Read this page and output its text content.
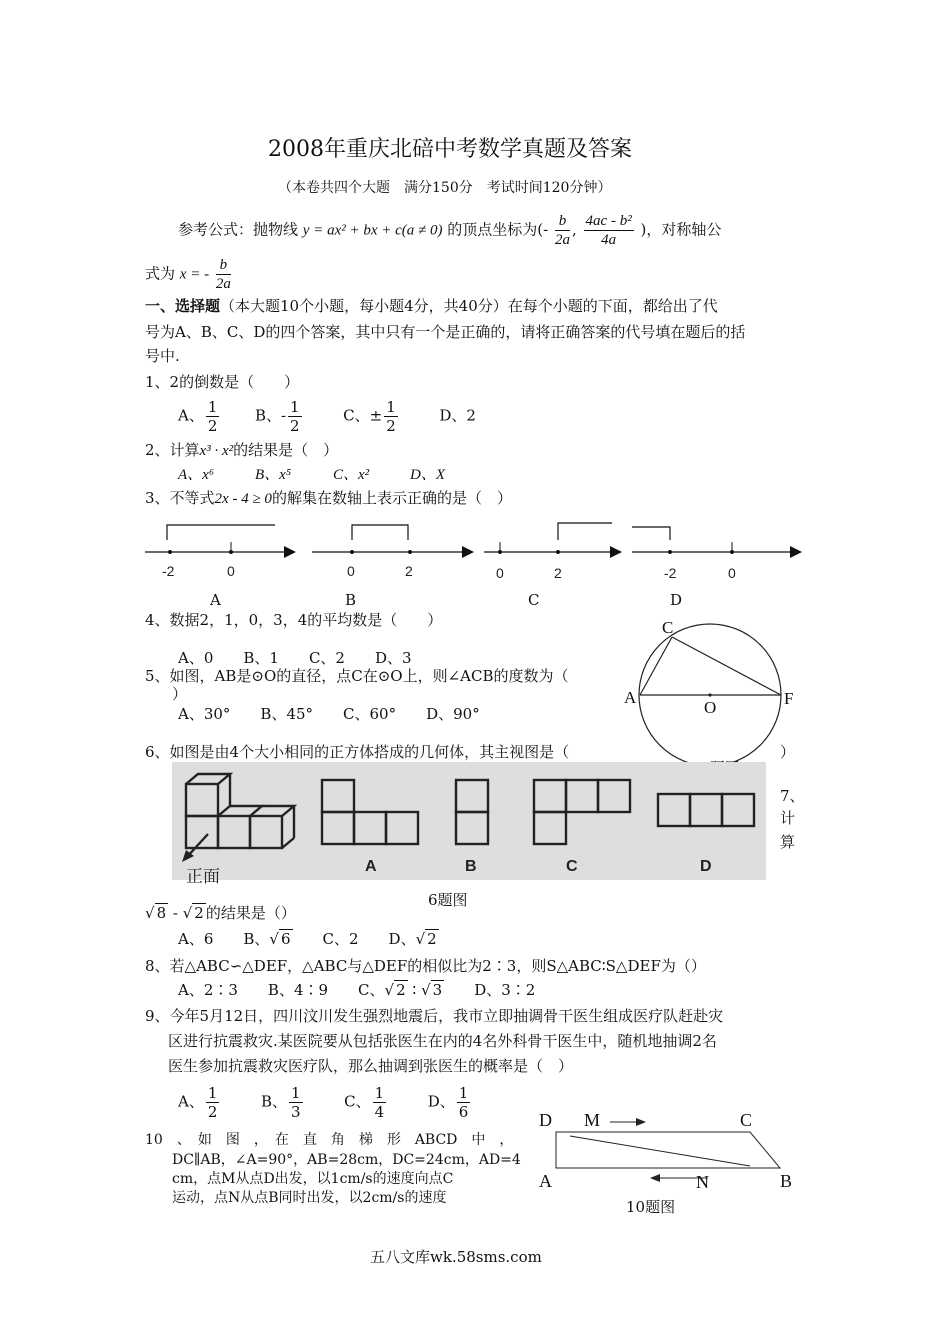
2008年重庆北碚中考数学真题及答案
（本卷共四个大题　满分150分　考试时间120分钟）
参考公式：抛物线 y = ax² + bx + c(a ≠ 0) 的顶点坐标为(- $\frac{b}{2a}$ , $\frac{\text{4ac - b²}}{4a}$ )，对称轴公
式为 x = - $\frac{b}{2a}$
一、选择题（本大题10个小题，每小题4分，共40分）在每个小题的下面，都给出了代
号为A、B、C、D的四个答案，其中只有一个是正确的，请将正确答案的代号填在题后的括
号中.
1、2的倒数是（　　）
A、 $\frac{1}{2}$ B、- $\frac{1}{2}$	C、± $\frac{1}{2}$	D、2
2、计算x³ · x²的结果是（　）
A、x⁶	B、x⁵	C、x²	D、X
3、不等式2x - 4 ≥ 0的解集在数轴上表示正确的是（　）
-2	0	0	2	0	2	-2	0
A	B	C	D
4、数据2，1，0，3，4的平均数是（　　）
A、0　　B、1　　C、2　　D、3
5、如图，AB是⊙O的直径，点C在⊙O上，则∠ACB的度数为（
）
A、30°　　B、45°　　C、60°　　D、90°
C
A
O	F
6、如图是由4个大小相同的正方体搭成的几何体，其主视图是（	）
正面
A	B	C	D
6题图
7、
计
算
√ 8 - √ 2 的结果是（）
A、6　　B、√ 6　　C、2　　D、√ 2
8、若△ABC∽△DEF，△ABC与△DEF的相似比为2∶3，则S△ABC∶S△DEF为（）
A、2∶3　　B、4∶9　　C、√ 2 ∶ √ 3　　 D、3∶2
9、今年5月12日，四川汶川发生强烈地震后，我市立即抽调骨干医生组成医疗队赶赴灾
区进行抗震救灾.某医院要从包括张医生在内的4名外科骨干医生中，随机地抽调2名
医生参加抗震救灾医疗队，那么抽调到张医生的概率是（　）
A、 $\frac{1}{2}$	B、 $\frac{1}{3}$	C、 $\frac{1}{4}$	D、 $\frac{1}{6}$
10　、　如　图　，　在　直　角　梯　形　ABCD　中　，
DC∥AB，∠A=90°，AB=28cm，DC=24cm，AD=4
cm，点M从点D出发，以1cm/s的速度向点C
运动，点N从点B同时出发，以2cm/s的速度
D M	C
A	N	B
10题图
五八文库wk.58sms.com
